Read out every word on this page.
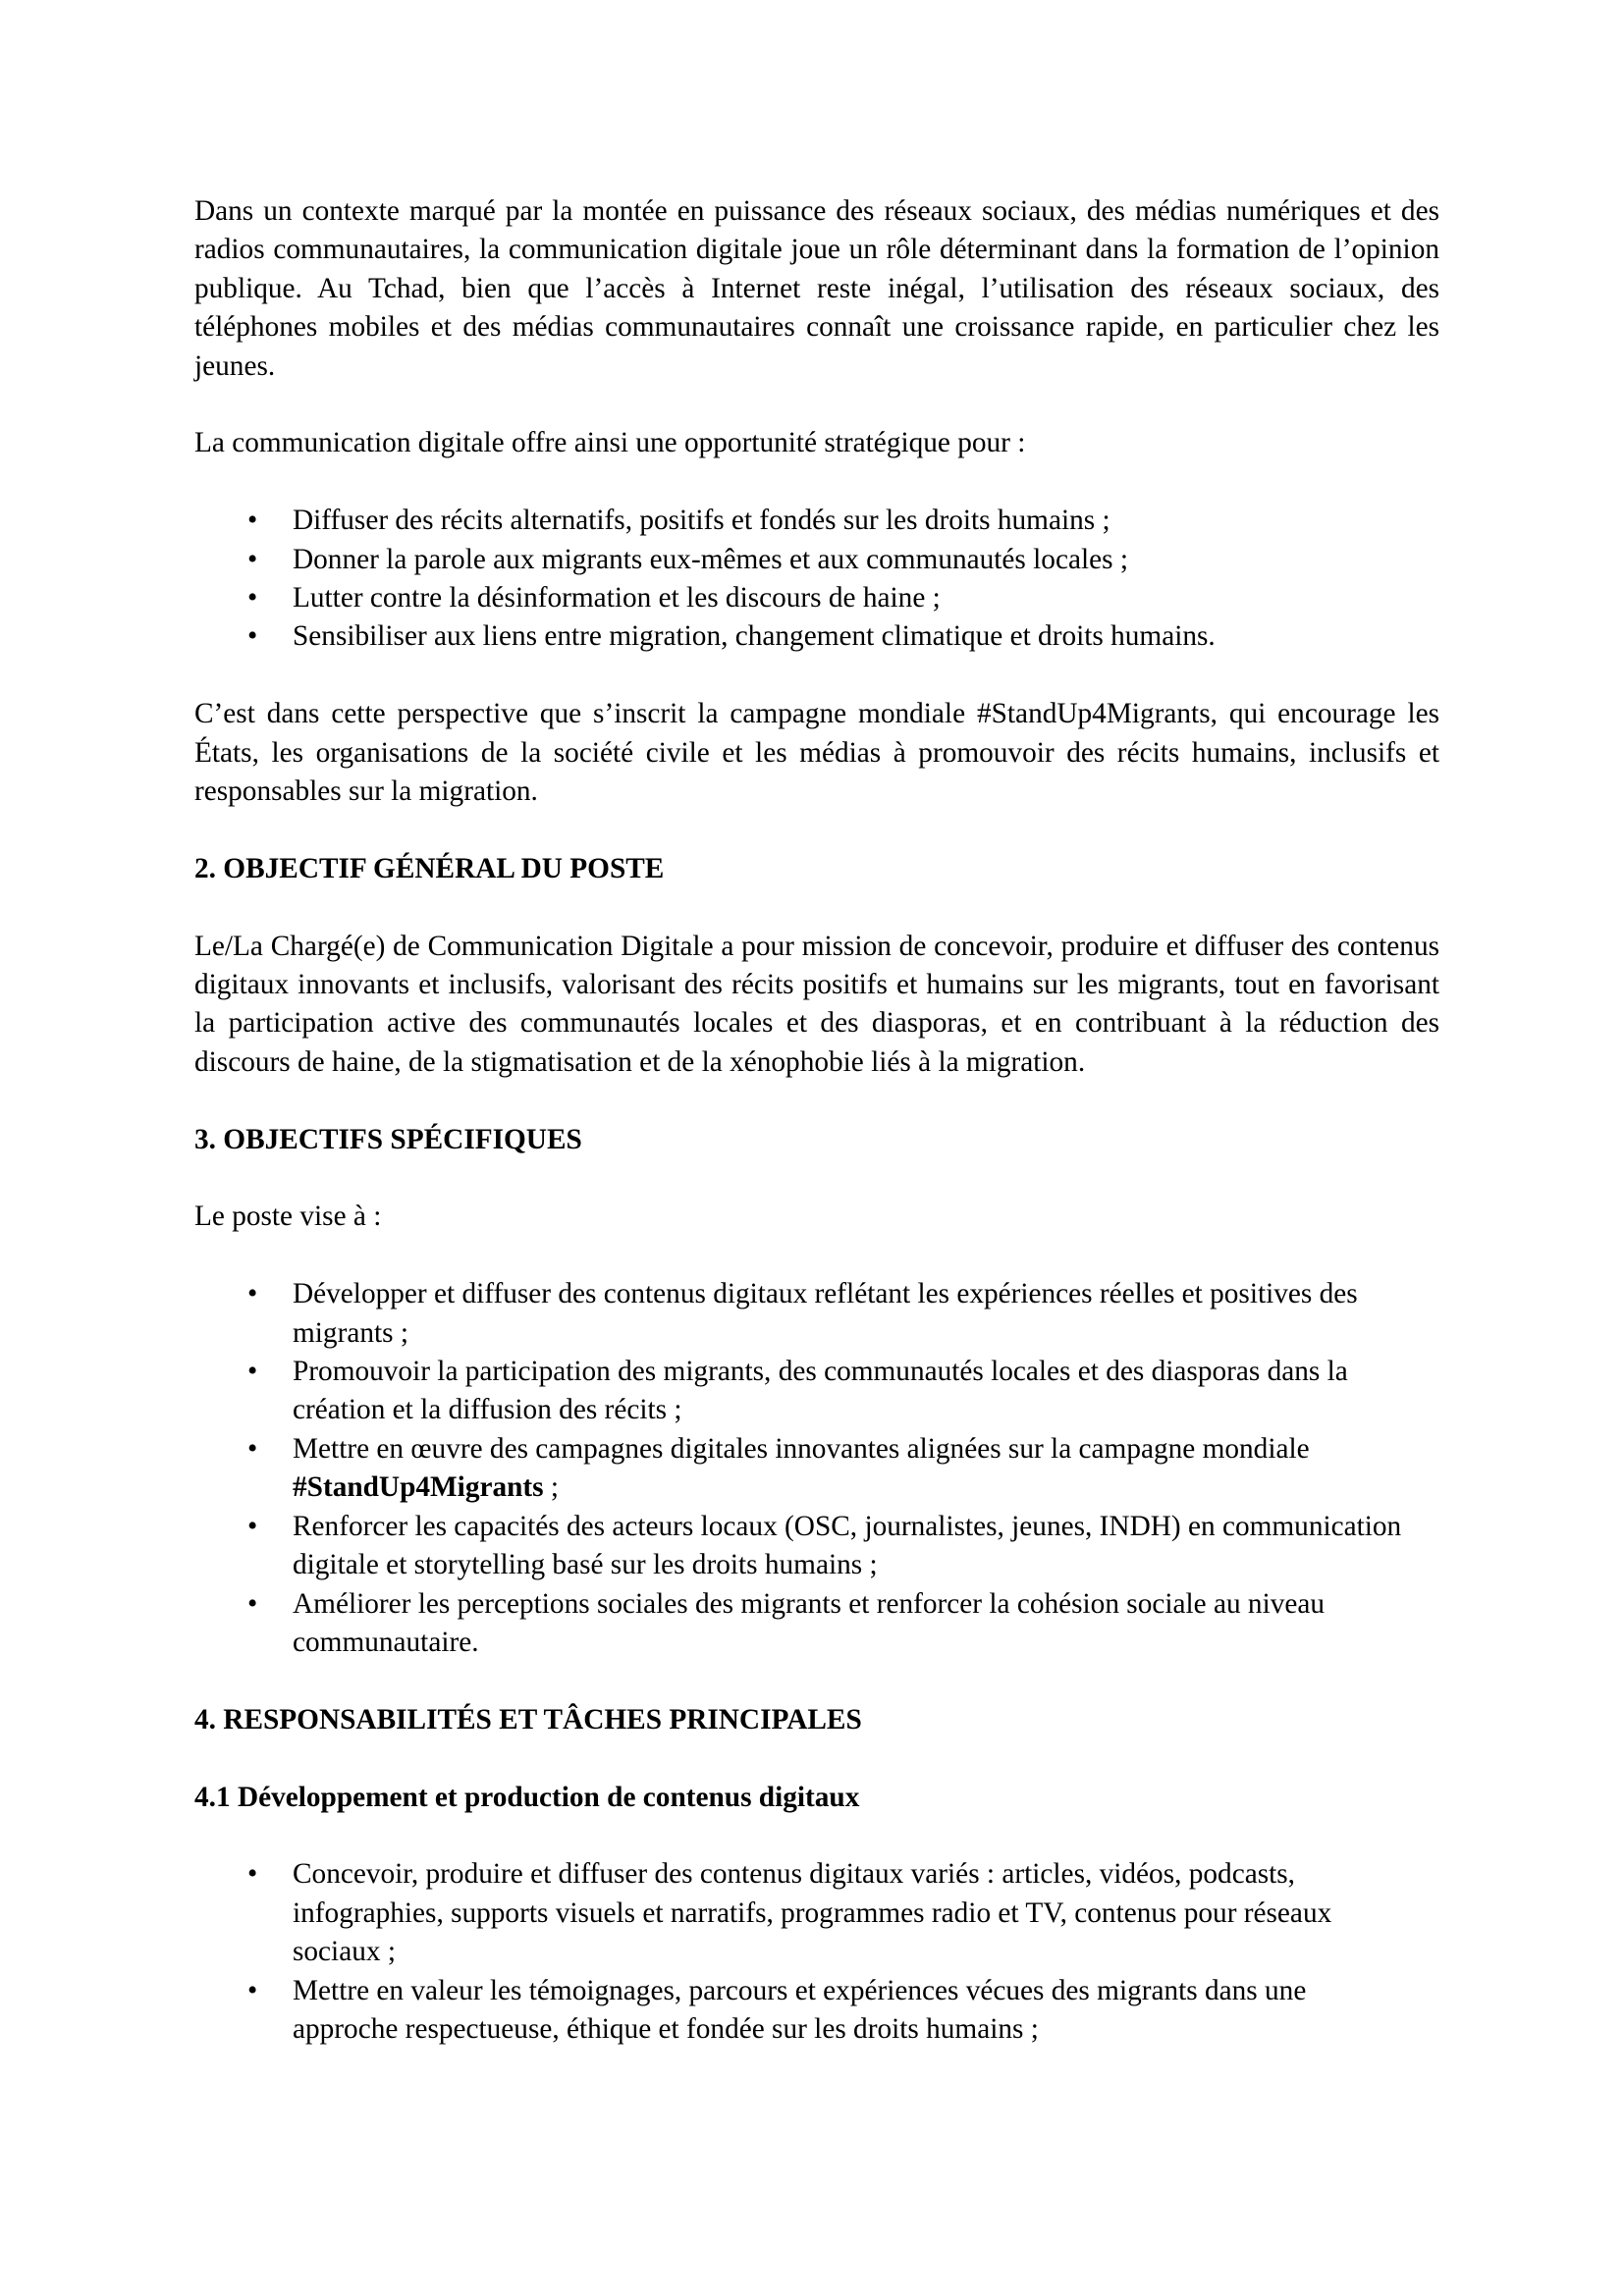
Dans un contexte marqué par la montée en puissance des réseaux sociaux, des médias numériques et des radios communautaires, la communication digitale joue un rôle déterminant dans la formation de l’opinion publique. Au Tchad, bien que l’accès à Internet reste inégal, l’utilisation des réseaux sociaux, des téléphones mobiles et des médias communautaires connaît une croissance rapide, en particulier chez les jeunes.

La communication digitale offre ainsi une opportunité stratégique pour :

•	Diffuser des récits alternatifs, positifs et fondés sur les droits humains ;
•	Donner la parole aux migrants eux-mêmes et aux communautés locales ;
•	Lutter contre la désinformation et les discours de haine ;
•	Sensibiliser aux liens entre migration, changement climatique et droits humains.

C’est dans cette perspective que s’inscrit la campagne mondiale #StandUp4Migrants, qui encourage les États, les organisations de la société civile et les médias à promouvoir des récits humains, inclusifs et responsables sur la migration.

2. OBJECTIF GÉNÉRAL DU POSTE

Le/La Chargé(e) de Communication Digitale a pour mission de concevoir, produire et diffuser des contenus digitaux innovants et inclusifs, valorisant des récits positifs et humains sur les migrants, tout en favorisant la participation active des communautés locales et des diasporas, et en contribuant à la réduction des discours de haine, de la stigmatisation et de la xénophobie liés à la migration.

3. OBJECTIFS SPÉCIFIQUES

Le poste vise à :

•	Développer et diffuser des contenus digitaux reflétant les expériences réelles et positives des migrants ;
•	Promouvoir la participation des migrants, des communautés locales et des diasporas dans la création et la diffusion des récits ;
•	Mettre en œuvre des campagnes digitales innovantes alignées sur la campagne mondiale #StandUp4Migrants ;
•	Renforcer les capacités des acteurs locaux (OSC, journalistes, jeunes, INDH) en communication digitale et storytelling basé sur les droits humains ;
•	Améliorer les perceptions sociales des migrants et renforcer la cohésion sociale au niveau communautaire.
4. RESPONSABILITÉS ET TÂCHES PRINCIPALES
4.1 Développement et production de contenus digitaux
•	Concevoir, produire et diffuser des contenus digitaux variés : articles, vidéos, podcasts, infographies, supports visuels et narratifs, programmes radio et TV, contenus pour réseaux sociaux ;
•	Mettre en valeur les témoignages, parcours et expériences vécues des migrants dans une approche respectueuse, éthique et fondée sur les droits humains ;
